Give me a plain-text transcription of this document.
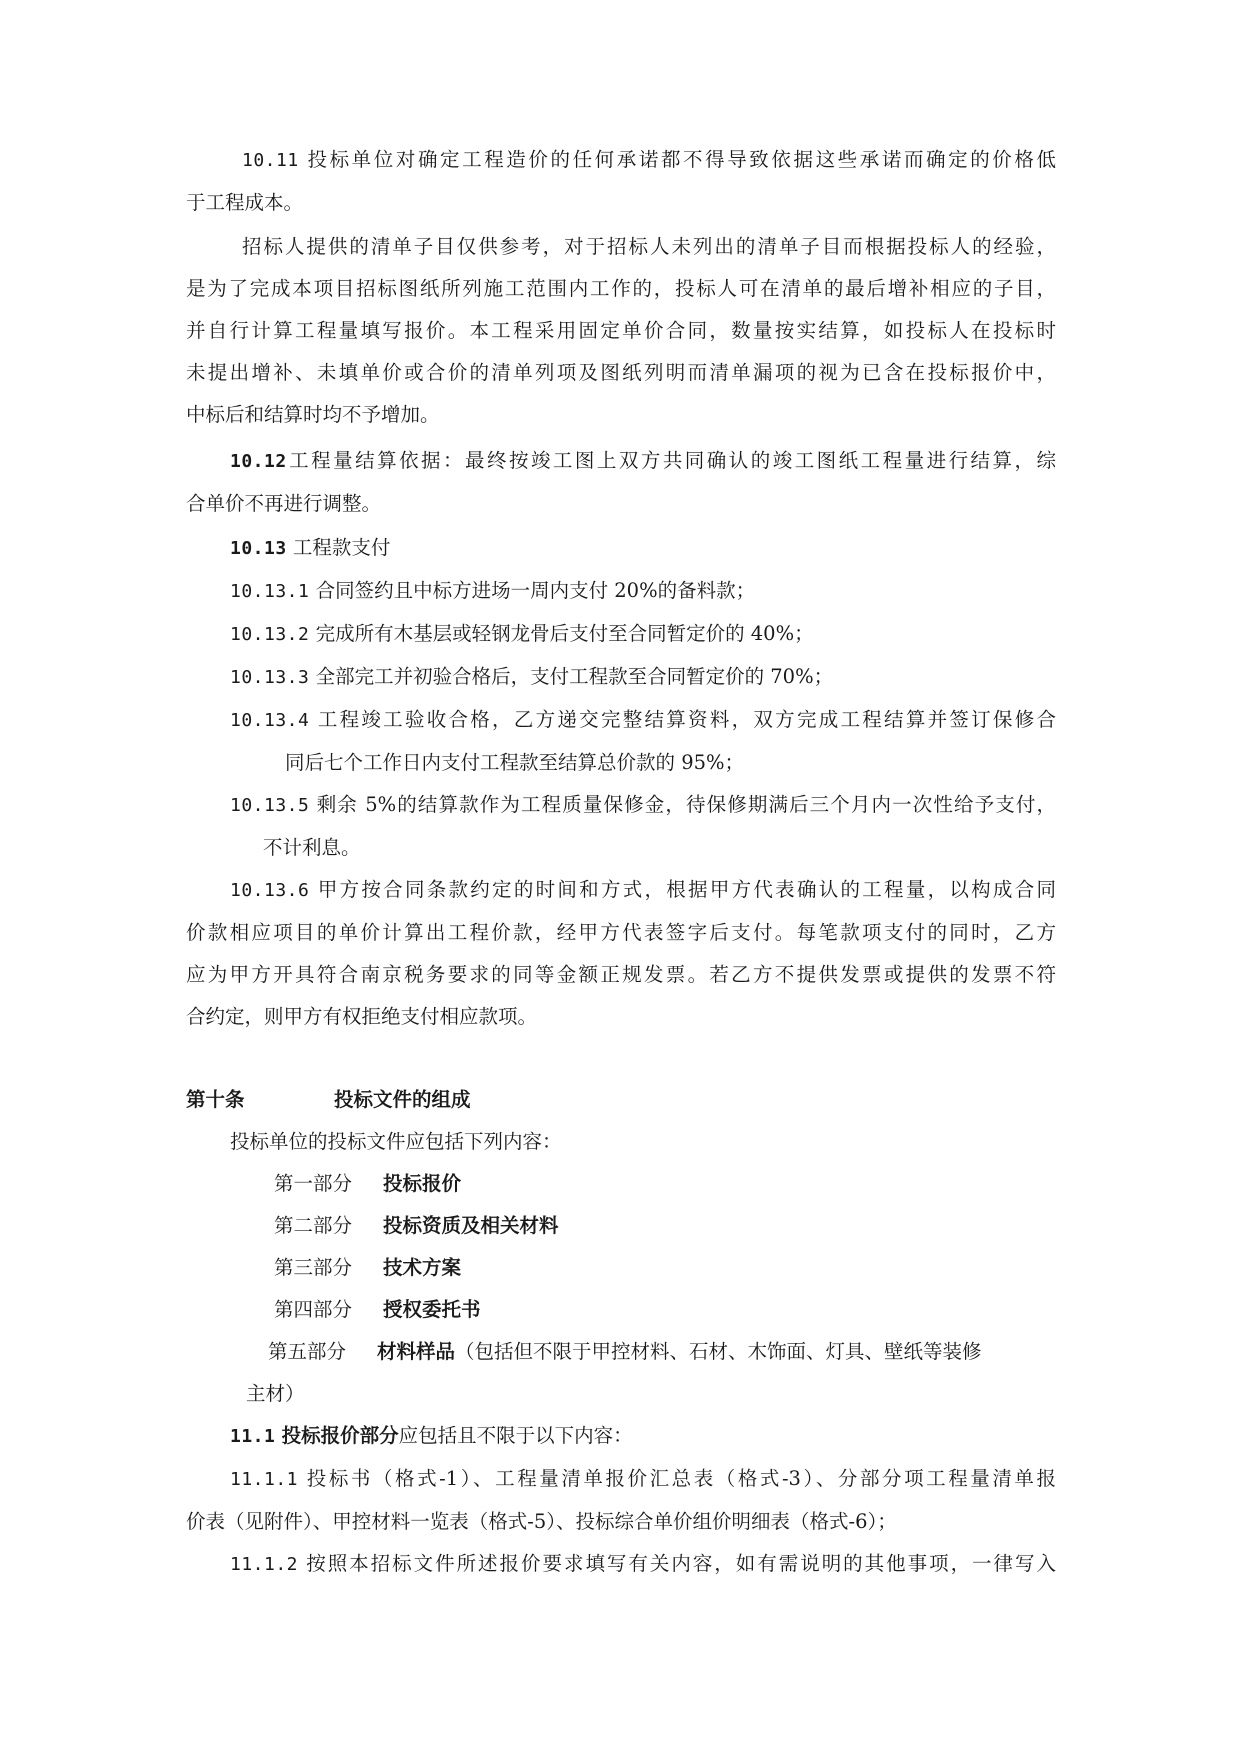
10.11 投标单位对确定工程造价的任何承诺都不得导致依据这些承诺而确定的价格低

于工程成本。

招标人提供的清单子目仅供参考，对于招标人未列出的清单子目而根据投标人的经验，

是为了完成本项目招标图纸所列施工范围内工作的，投标人可在清单的最后增补相应的子目，

并自行计算工程量填写报价。本工程采用固定单价合同，数量按实结算，如投标人在投标时

未提出增补、未填单价或合价的清单列项及图纸列明而清单漏项的视为已含在投标报价中，

中标后和结算时均不予增加。

10.12工程量结算依据：最终按竣工图上双方共同确认的竣工图纸工程量进行结算，综

合单价不再进行调整。

10.13 工程款支付

10.13.1 合同签约且中标方进场一周内支付 20%的备料款；

10.13.2 完成所有木基层或轻钢龙骨后支付至合同暂定价的 40%；

10.13.3 全部完工并初验合格后，支付工程款至合同暂定价的 70%；

10.13.4 工程竣工验收合格，乙方递交完整结算资料，双方完成工程结算并签订保修合

同后七个工作日内支付工程款至结算总价款的 95%；

10.13.5 剩余 5%的结算款作为工程质量保修金，待保修期满后三个月内一次性给予支付，

不计利息。

10.13.6 甲方按合同条款约定的时间和方式，根据甲方代表确认的工程量，以构成合同

价款相应项目的单价计算出工程价款，经甲方代表签字后支付。每笔款项支付的同时，乙方

应为甲方开具符合南京税务要求的同等金额正规发票。若乙方不提供发票或提供的发票不符

合约定，则甲方有权拒绝支付相应款项。

第十条	投标文件的组成
投标单位的投标文件应包括下列内容：
第一部分 投标报价
第二部分 投标资质及相关材料
第三部分 技术方案
第四部分 授权委托书
第五部分 材料样品（包括但不限于甲控材料、石材、木饰面、灯具、壁纸等装修
主材）

11.1 投标报价部分应包括且不限于以下内容：

11.1.1 投标书（格式-1）、工程量清单报价汇总表（格式-3）、分部分项工程量清单报

价表（见附件）、甲控材料一览表（格式-5）、投标综合单价组价明细表（格式-6）；

11.1.2 按照本招标文件所述报价要求填写有关内容，如有需说明的其他事项，一律写入
